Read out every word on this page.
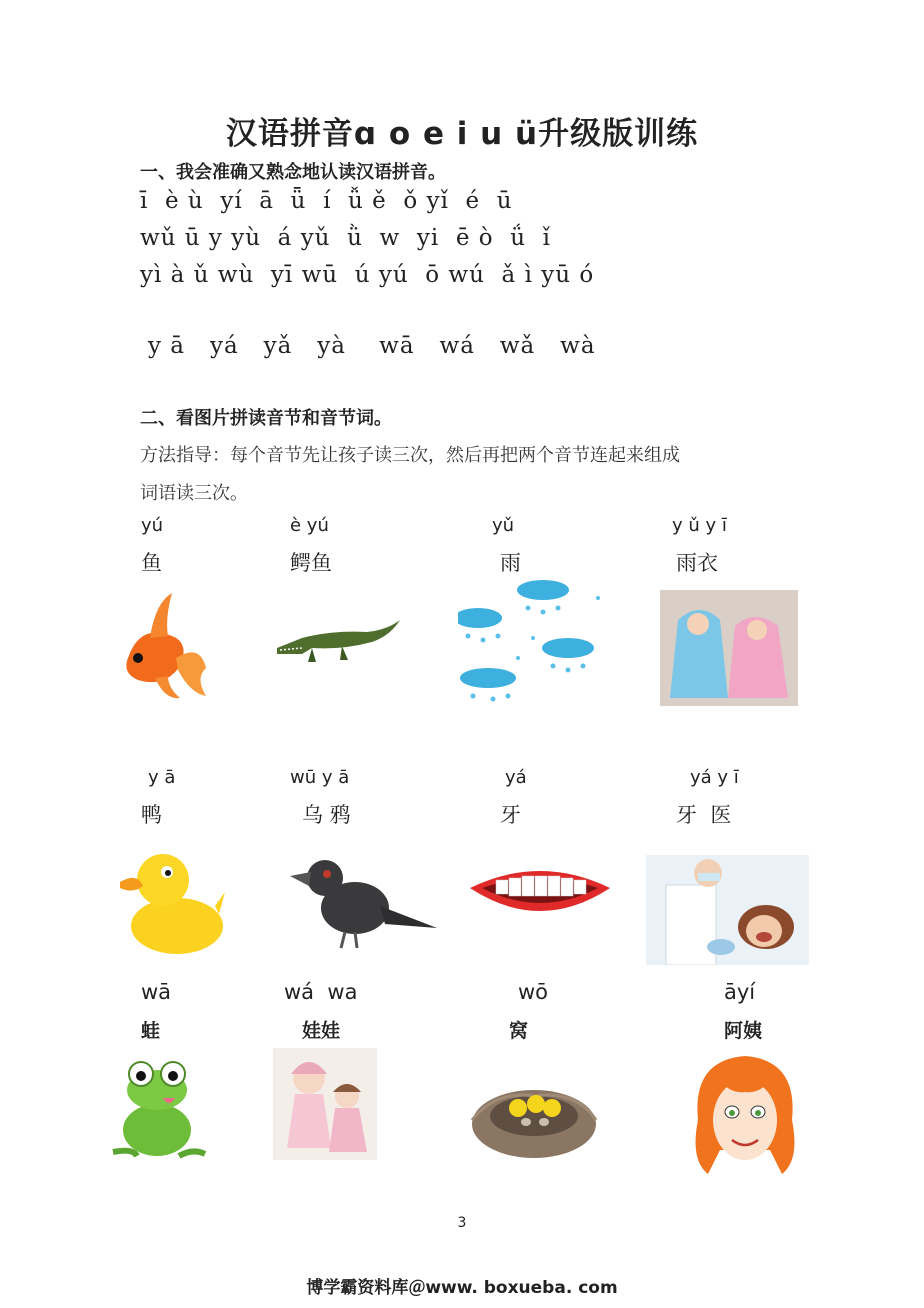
汉语拼音ɑ o e i u ü升级版训练
一、我会准确又熟念地认读汉语拼音。
ī  è ù  yí  ā  ǖ  í  ǚ ě  ǒ yǐ  é  ū
wǔ ū y yù  á yǔ  ǜ  w  yi  ē ò  ǘ  ǐ
yì à ǔ wù  yī wū  ú yú  ō wú  ǎ ì yū ó
y ā   yá   yǎ   yà    wā   wá   wǎ   wà
二、看图片拼读音节和音节词。
方法指导：每个音节先让孩子读三次，然后再把两个音节连起来组成
词语读三次。
yú
鱼
è yú
鳄鱼
yǔ
雨
y ǔ y ī
雨衣
y ā
鸭
wū y ā
乌 鸦
yá
牙
yá y ī
牙  医
wā
蛙
wá  wa
娃娃
wō
窝
āyí
阿姨
3
博学霸资料库＠www. boxueba. com
